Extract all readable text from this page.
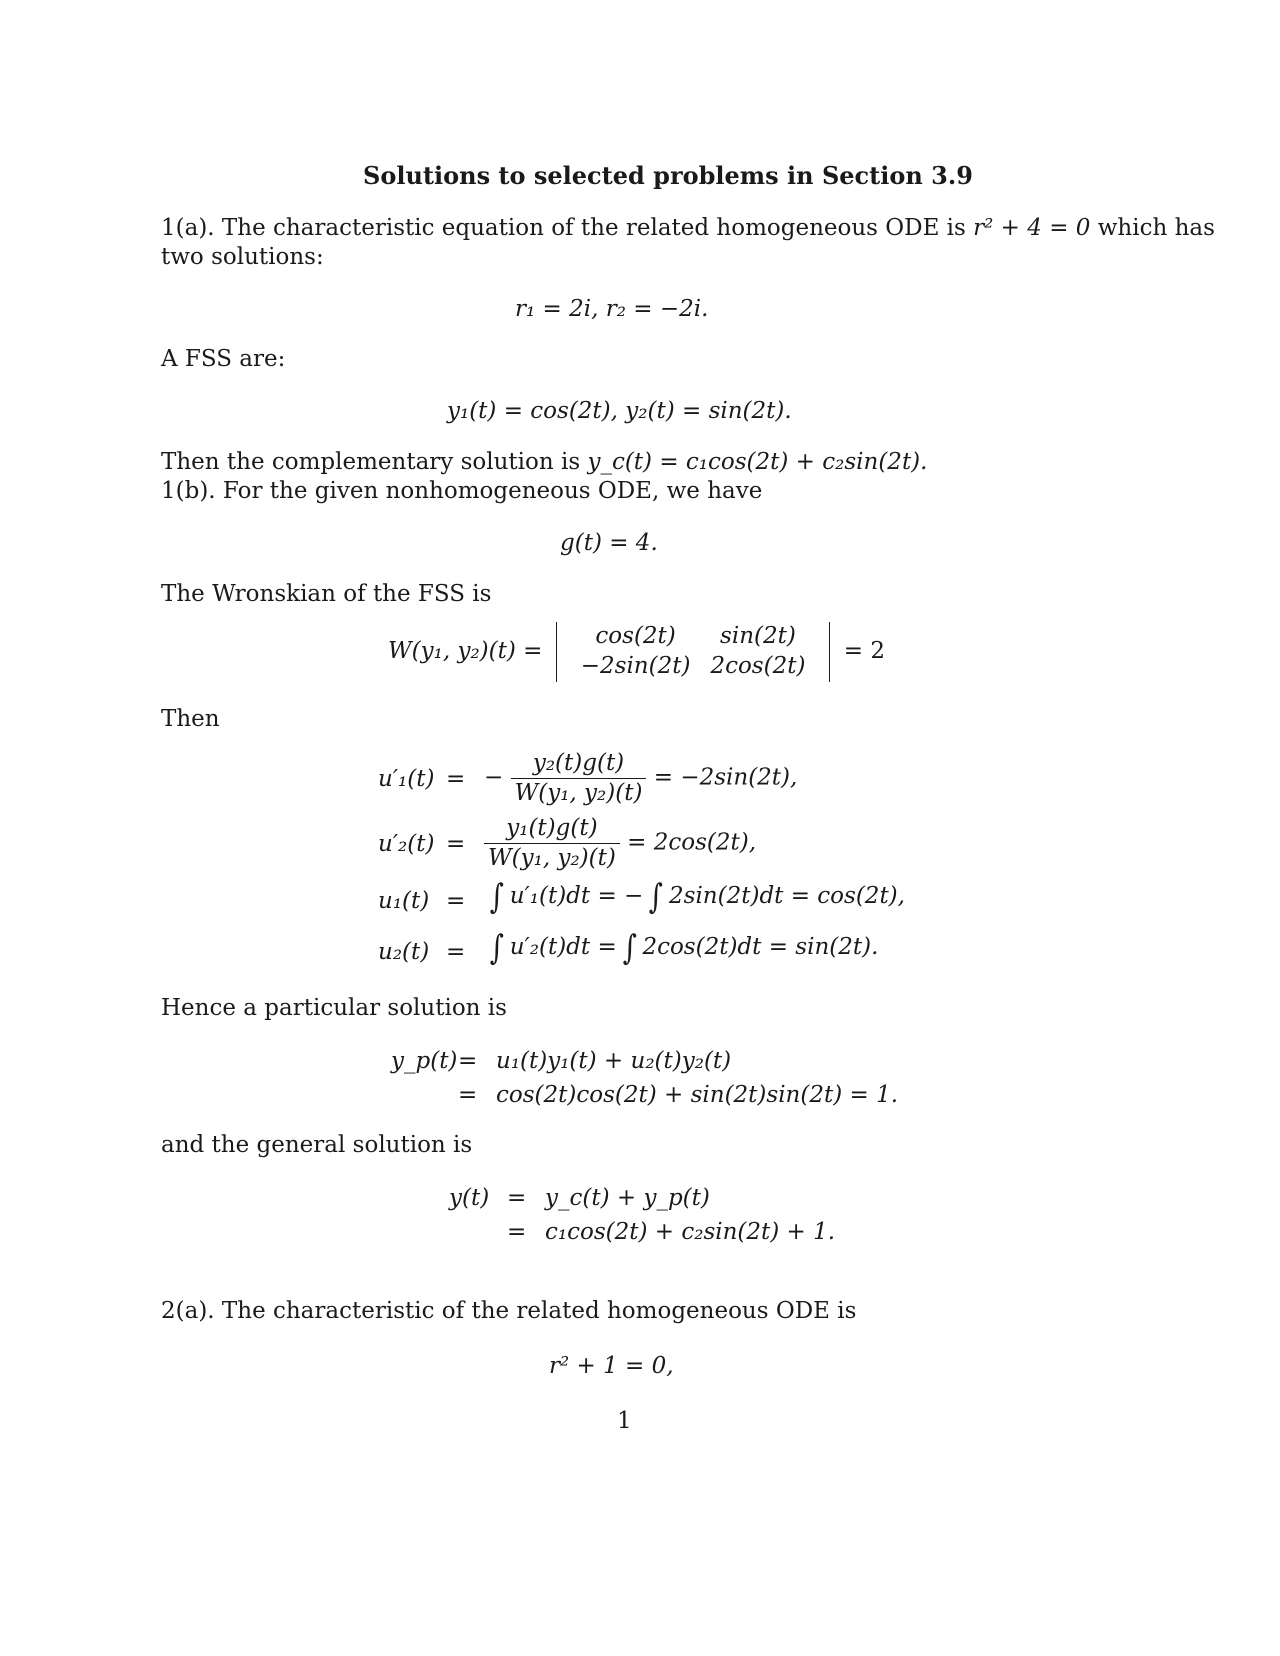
Solutions to selected problems in Section 3.9
1(a). The characteristic equation of the related homogeneous ODE is r² + 4 = 0 which has
two solutions:
r₁ = 2i, r₂ = −2i.
A FSS are:
y₁(t) = cos(2t), y₂(t) = sin(2t).
Then the complementary solution is y_c(t) = c₁cos(2t) + c₂sin(2t).
1(b). For the given nonhomogeneous ODE, we have
g(t) = 4.
The Wronskian of the FSS is
W(y₁, y₂)(t) =
cos(2t)	sin(2t)
−2sin(2t)	2cos(2t)
= 2
Then
u′₁(t) = − $\frac{\text{y₂(t)g(t)}}{\text{W(y₁, y₂)(t)}} = -2\sin(2t)$,
$u'_2(t) = \frac{\text{y₁(t)g(t)}}{\text{W(y₁, y₂)(t)}} = 2\cos(2t)$,
u₁(t) = ∫ u′₁(t)dt = − ∫ 2sin(2t)dt = cos(2t),
u₂(t) = ∫ u′₂(t)dt = ∫ 2cos(2t)dt = sin(2t).
Hence a particular solution is
y_p(t) = u₁(t)y₁(t) + u₂(t)y₂(t)
= cos(2t)cos(2t) + sin(2t)sin(2t) = 1.
and the general solution is
y(t) = y_c(t) + y_p(t)
= c₁cos(2t) + c₂sin(2t) + 1.
2(a). The characteristic of the related homogeneous ODE is
r² + 1 = 0,
1
